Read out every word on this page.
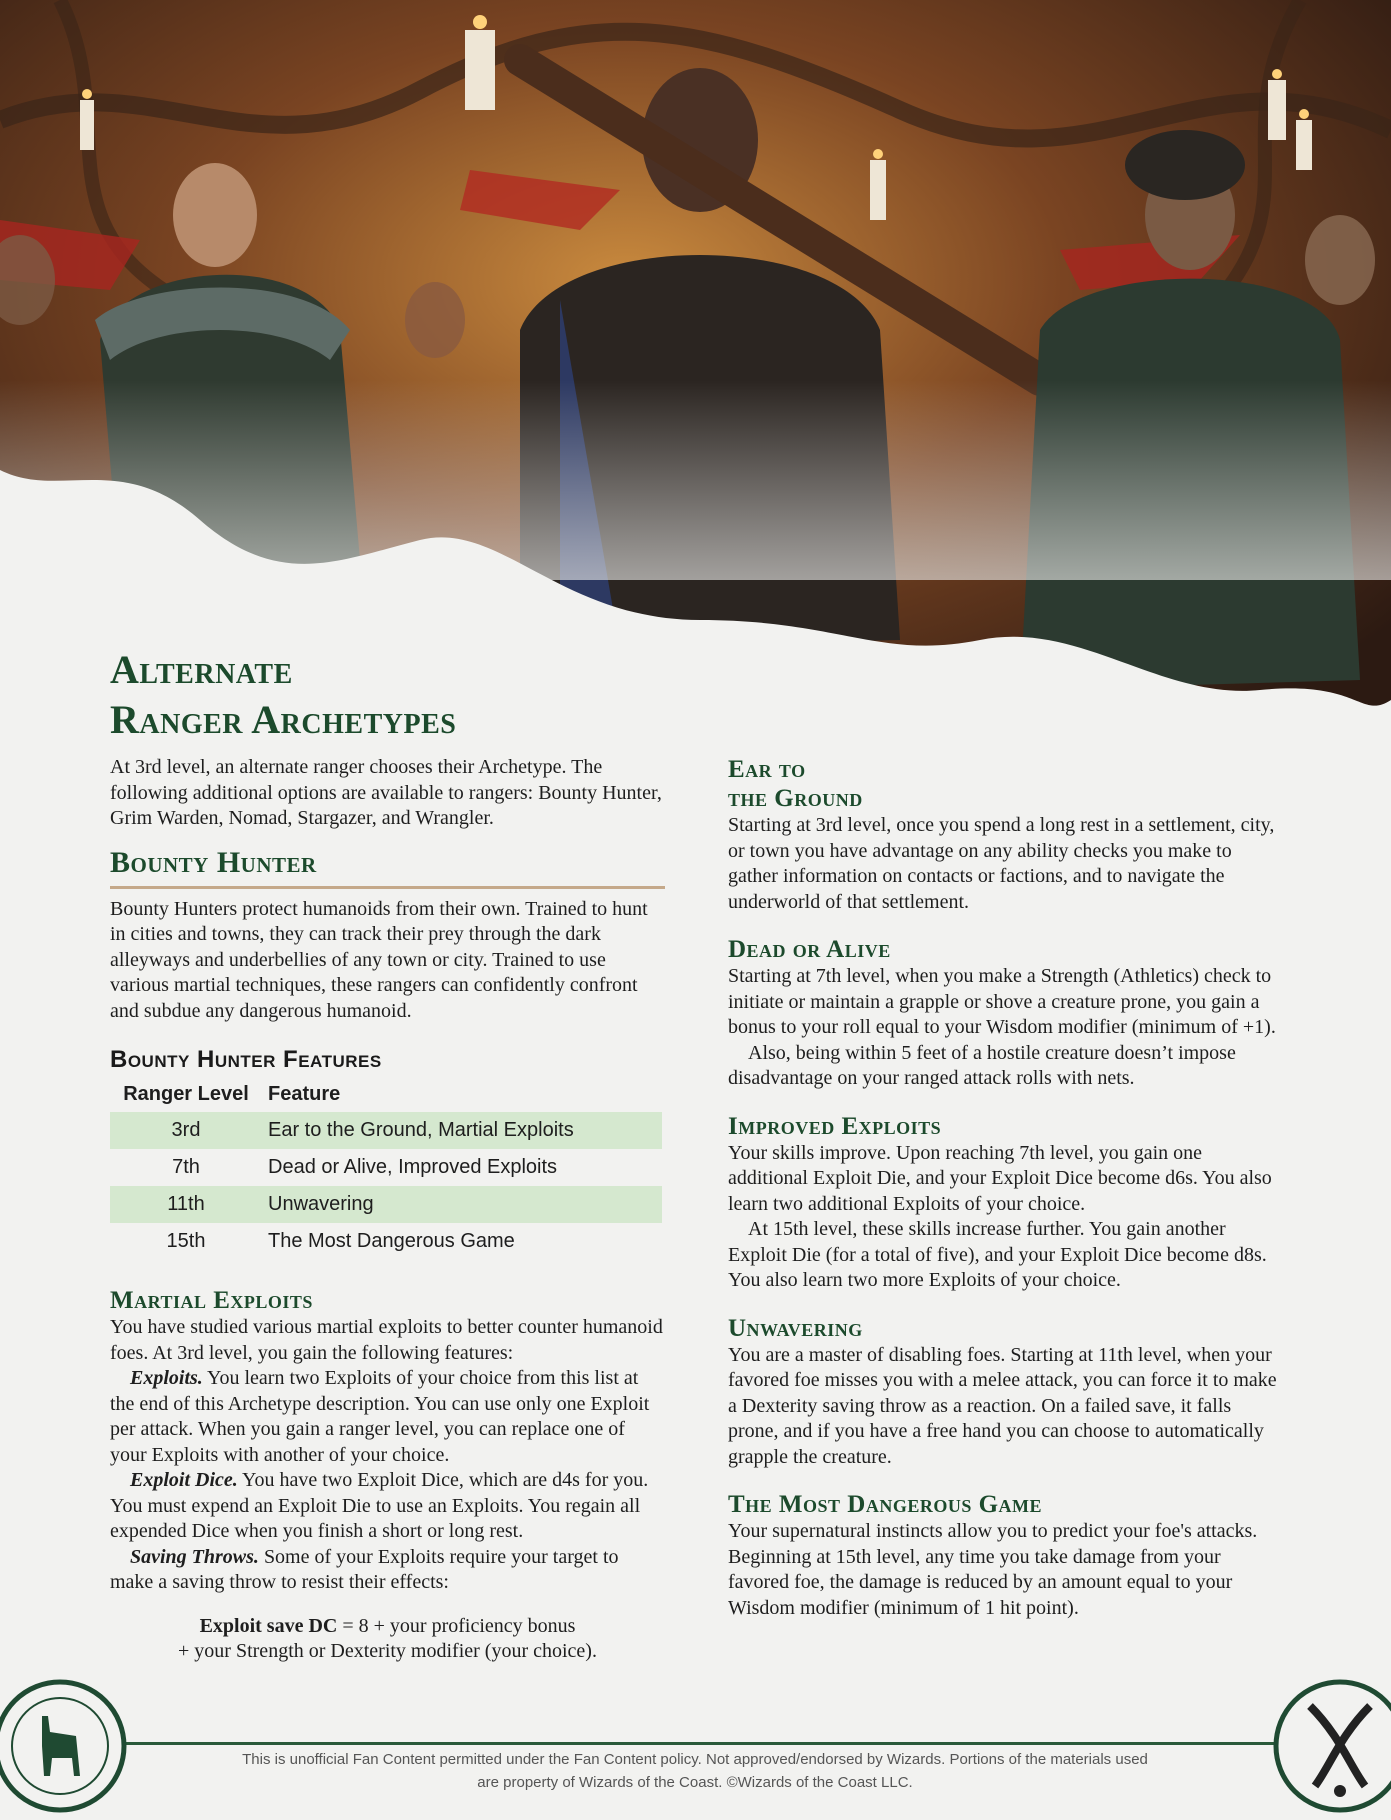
Alternate
Ranger Archetypes

At 3rd level, an alternate ranger chooses their Archetype. The following additional options are available to rangers: Bounty Hunter, Grim Warden, Nomad, Stargazer, and Wrangler.

Bounty Hunter

Bounty Hunters protect humanoids from their own. Trained to hunt in cities and towns, they can track their prey through the dark alleyways and underbellies of any town or city. Trained to use various martial techniques, these rangers can confidently confront and subdue any dangerous humanoid.

Bounty Hunter Features
Ranger Level	Feature
3rd	Ear to the Ground, Martial Exploits
7th	Dead or Alive, Improved Exploits
11th	Unwavering
15th	The Most Dangerous Game
Martial Exploits

You have studied various martial exploits to better counter humanoid foes. At 3rd level, you gain the following features:

Exploits. You learn two Exploits of your choice from this list at the end of this Archetype description. You can use only one Exploit per attack. When you gain a ranger level, you can replace one of your Exploits with another of your choice.

Exploit Dice. You have two Exploit Dice, which are d4s for you. You must expend an Exploit Die to use an Exploits. You regain all expended Dice when you finish a short or long rest.

Saving Throws. Some of your Exploits require your target to make a saving throw to resist their effects:

Exploit save DC = 8 + your proficiency bonus
+ your Strength or Dexterity modifier (your choice).
Ear to
the Ground

Starting at 3rd level, once you spend a long rest in a settlement, city, or town you have advantage on any ability checks you make to gather information on contacts or factions, and to navigate the underworld of that settlement.

Dead or Alive

Starting at 7th level, when you make a Strength (Athletics) check to initiate or maintain a grapple or shove a creature prone, you gain a bonus to your roll equal to your Wisdom modifier (minimum of +1).

Also, being within 5 feet of a hostile creature doesn’t impose disadvantage on your ranged attack rolls with nets.

Improved Exploits

Your skills improve. Upon reaching 7th level, you gain one additional Exploit Die, and your Exploit Dice become d6s. You also learn two additional Exploits of your choice.

At 15th level, these skills increase further. You gain another Exploit Die (for a total of five), and your Exploit Dice become d8s. You also learn two more Exploits of your choice.

Unwavering

You are a master of disabling foes. Starting at 11th level, when your favored foe misses you with a melee attack, you can force it to make a Dexterity saving throw as a reaction. On a failed save, it falls prone, and if you have a free hand you can choose to automatically grapple the creature.

The Most Dangerous Game

Your supernatural instincts allow you to predict your foe's attacks. Beginning at 15th level, any time you take damage from your favored foe, the damage is reduced by an amount equal to your Wisdom modifier (minimum of 1 hit point).

This is unofficial Fan Content permitted under the Fan Content policy. Not approved/endorsed by Wizards. Portions of the materials used
are property of Wizards of the Coast. ©Wizards of the Coast LLC.
